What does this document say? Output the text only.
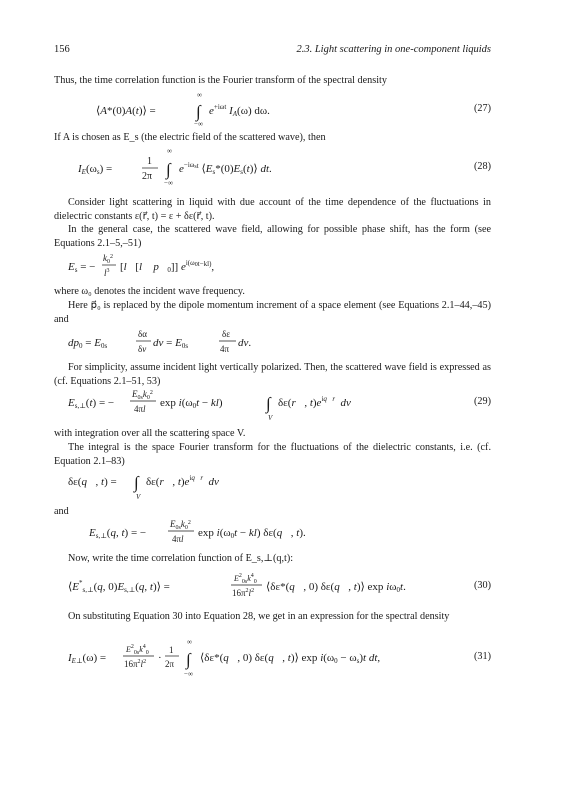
156	2.3. Light scattering in one-component liquids
Thus, the time correlation function is the Fourier transform of the spectral density
⟨A*(0)A(t)⟩ =
∞
∫
−∞
$e^{+i\omega t}$ IA(ω) dω.	(27)
If A is chosen as E_s (the electric field of the scattered wave), then
IE(ωs) =
1
2π
∞
∫
−∞
$e^{-i\omega st}$ ⟨Es*(0)Es(t)⟩ dt.	(28)
Consider light scattering in liquid with due account of the time dependence of the fluctuations in dielectric constants ε(r⃗, t) = ε + δε(r⃗, t).
In the general case, the scattered wave field, allowing for possible phase shift, has the form (see Equations 2.1–5,–51)
Es = −
$k_0^2$
$l^3$ [l⃗[l⃗ p⃗0]] $e^{i(\omega 0t-kl)}$,
where ω₀ denotes the incident wave frequency.
Here p⃗₀ is replaced by the dipole momentum increment of a space element (see Equations 2.1–44,–45) and
dp0 = E0s
δα
δv dv = E0s
δε
4π dv.
For simplicity, assume incident light vertically polarized. Then, the scattered wave field is expressed as (cf. Equations 2.1–51, 53)
Es,⊥(t) = −
$E_{0s}k_0^2$
4πl exp i(ω0t − kl)	∫
V
δε(r⃗, $t)e^{iq⃗r⃗}dv$	(29)
with integration over all the scattering space V.
The integral is the space Fourier transform for the fluctuations of the dielectric constants, i.e. (cf. Equation 2.1–83)
δε(q⃗, t) = ∫
V
δε(r⃗, $t)e^{iq⃗r⃗}dv$
and
Es,⊥(q, t) = −
$E_{0s}k_0^2$
4πl exp i(ω0t − kl) δε(q⃗, t).
Now, write the time correlation function of E_s,⊥(q,t):
$⟨E^*_{s,\perp}(q$, 0)Es,⊥(q, t)⟩ =
$E^2_{0s}k^4_0$
$16\pi^2l^2$ ⟨δε*(q⃗, 0) δε(q⃗, t)⟩ exp iω0t.	(30)
On substituting Equation 30 into Equation 28, we get in an expression for the spectral density
IE⊥(ω) =
$E^2_{0s}k^4_0$
$16\pi^2l^2$ ·
1
2π
∞
∫
−∞
⟨δε*(q⃗, 0) δε(q⃗, t)⟩ exp i(ω0 − ωs)t dt,	(31)
